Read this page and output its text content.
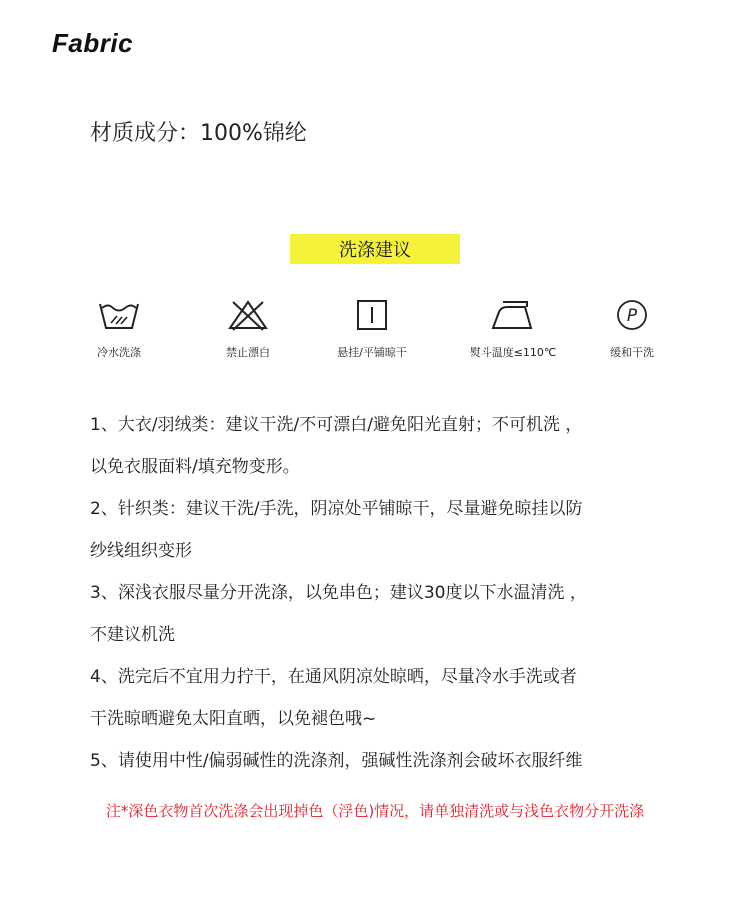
Fabric
材质成分：100%锦纶
洗涤建议
冷水洗涤	禁止漂白	悬挂/平铺晾干	熨斗温度≤110℃
P
缓和干洗
1、大衣/羽绒类：建议干洗/不可漂白/避免阳光直射；不可机洗 ，
以免衣服面料/填充物变形。
2、针织类：建议干洗/手洗，阴凉处平铺晾干，尽量避免晾挂以防
纱线组织变形
3、深浅衣服尽量分开洗涤，以免串色；建议30度以下水温清洗 ，
不建议机洗
4、洗完后不宜用力拧干，在通风阴凉处晾晒，尽量冷水手洗或者
干洗晾晒避免太阳直晒，以免褪色哦~
5、请使用中性/偏弱碱性的洗涤剂，强碱性洗涤剂会破坏衣服纤维
注*深色衣物首次洗涤会出现掉色（浮色)情况，请单独清洗或与浅色衣物分开洗涤
